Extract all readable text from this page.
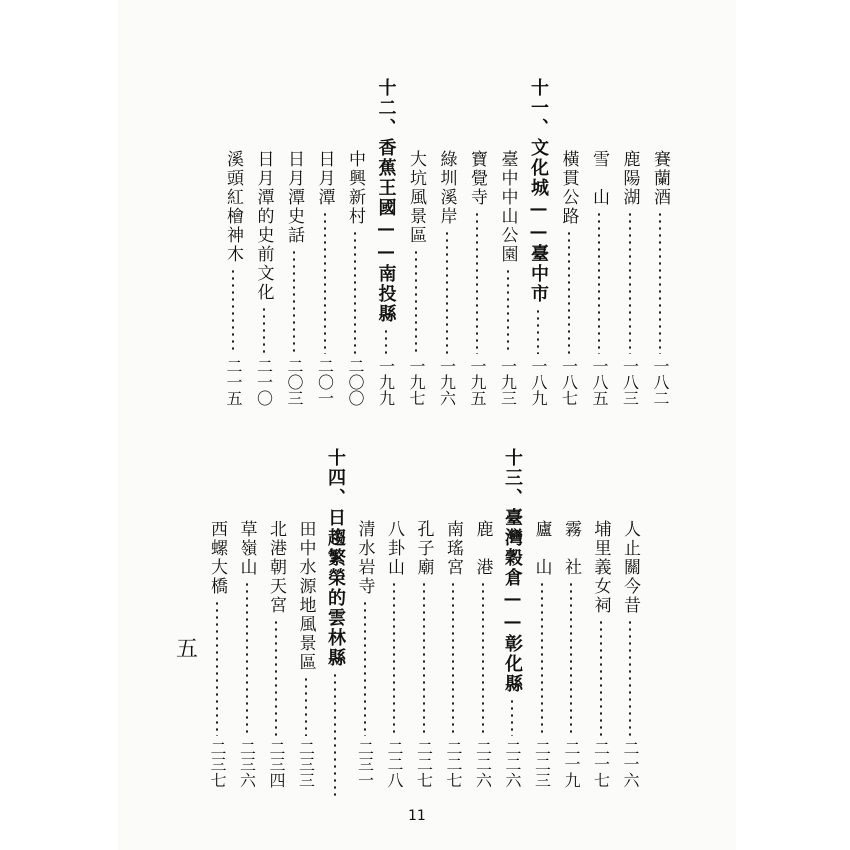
賽蘭酒
一八二
鹿陽湖
一八三
雪　山
一八五
橫貫公路
一八七
十一、文化城——臺中市
一八九
臺中中山公園
一九三
寶覺寺
一九五
綠圳溪岸
一九六
大坑風景區
一九七
十二、香蕉王國——南投縣
一九九
中興新村
二〇〇
日月潭
二〇一
日月潭史話
二〇三
日月潭的史前文化
二一〇
溪頭紅檜神木
二一五
人止關今昔
二一六
埔里義女祠
二一七
霧　社
二一九
廬　山
二二三
十三、臺灣穀倉——彰化縣
二二六
鹿　港
二二六
南瑤宮
二二七
孔子廟
二二七
八卦山
二二八
清水岩寺
二三一
十四、日趨繁榮的雲林縣
田中水源地風景區
二三三
北港朝天宮
二三四
草嶺山
二三六
西螺大橋
二三七
五
11
